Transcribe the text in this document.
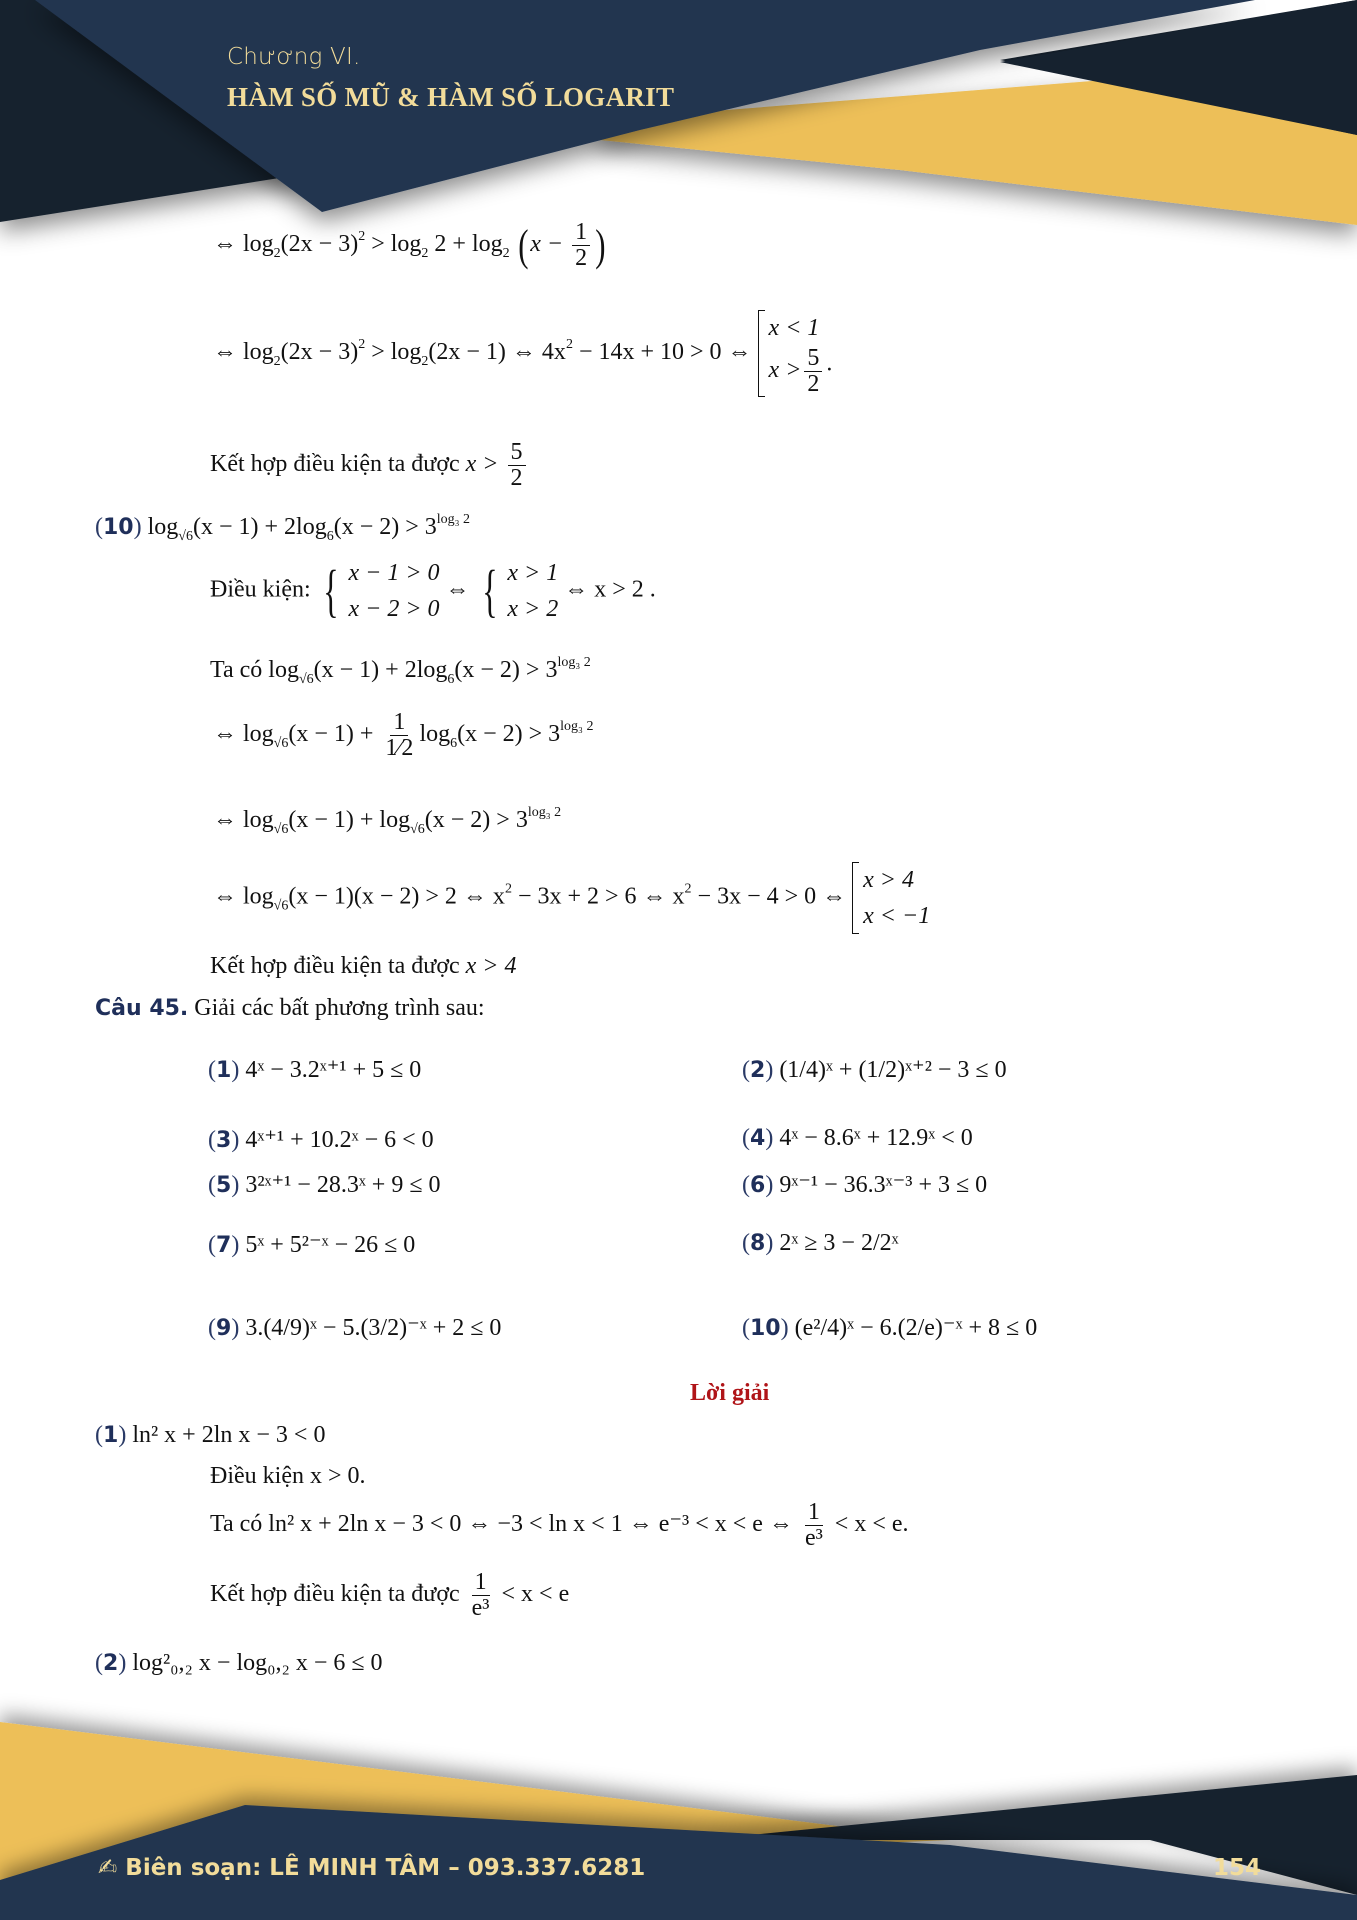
Chương VI.
HÀM SỐ MŨ & HÀM SỐ LOGARIT
⇔ $\log_2(2x - 3)^2 > \log_2 2 + \log_2 (x - \frac{1}{2}$ )
⇔ $\log_2(2x - 3)^2 > \log_2(2x - 1)$ ⇔ $4x^2 - 14x + 10 > 0$ ⇔
x < 1
$x > \frac{5}{2}$ ·
Kết hợp điều kiện ta được $x > \frac{5}{2}$
(10) $\log_{√6}(x - 1) + 2\log_6(x - 2) > 3^{log_3 2}$
Điều kiện: { x − 1 > 0
x − 2 > 0
⇔ { x > 1
x > 2
⇔ x > 2 .
Ta có $\log_{√6}(x - 1) + 2\log_6(x - 2) > 3^{log_3 2}$
⇔ $\log_{√6}(x - 1) + \frac{1}{1⁄2} \log_6(x - 2) > 3^{log_3 2}$
⇔ $\log_{√6}(x - 1) + \log_{√6}(x - 2) > 3^{log_3 2}$
⇔ $\log_{√6}(x - 1)(x - 2) > 2$ ⇔ $x^2 - 3x + 2 > 6$ ⇔ $x^2 - 3x - 4 > 0$ ⇔
x > 4
x < −1
Kết hợp điều kiện ta được x > 4
Câu 45. Giải các bất phương trình sau:
(1) 4ˣ − 3.2ˣ⁺¹ + 5 ≤ 0	(2) (1/4)ˣ + (1/2)ˣ⁺² − 3 ≤ 0
(3) 4ˣ⁺¹ + 10.2ˣ − 6 < 0	(4) 4ˣ − 8.6ˣ + 12.9ˣ < 0
(5) 3²ˣ⁺¹ − 28.3ˣ + 9 ≤ 0	(6) 9ˣ⁻¹ − 36.3ˣ⁻³ + 3 ≤ 0
(7) 5ˣ + 5²⁻ˣ − 26 ≤ 0	(8) 2ˣ ≥ 3 − 2/2ˣ
(9) 3.(4/9)ˣ − 5.(3/2)⁻ˣ + 2 ≤ 0	(10) (e²/4)ˣ − 6.(2/e)⁻ˣ + 8 ≤ 0
Lời giải
(1) ln² x + 2ln x − 3 < 0
Điều kiện x > 0.
Ta có ln² x + 2ln x − 3 < 0 ⇔ −3 < ln x < 1 ⇔ e⁻³ < x < e ⇔ $\frac{1}{\text{e³}} < x < e$.
Kết hợp điều kiện ta được $\frac{1}{\text{e³}} < x < e$
(2) log²₀,₂ x − log₀,₂ x − 6 ≤ 0
✍ Biên soạn: LÊ MINH TÂM – 093.337.6281	154
